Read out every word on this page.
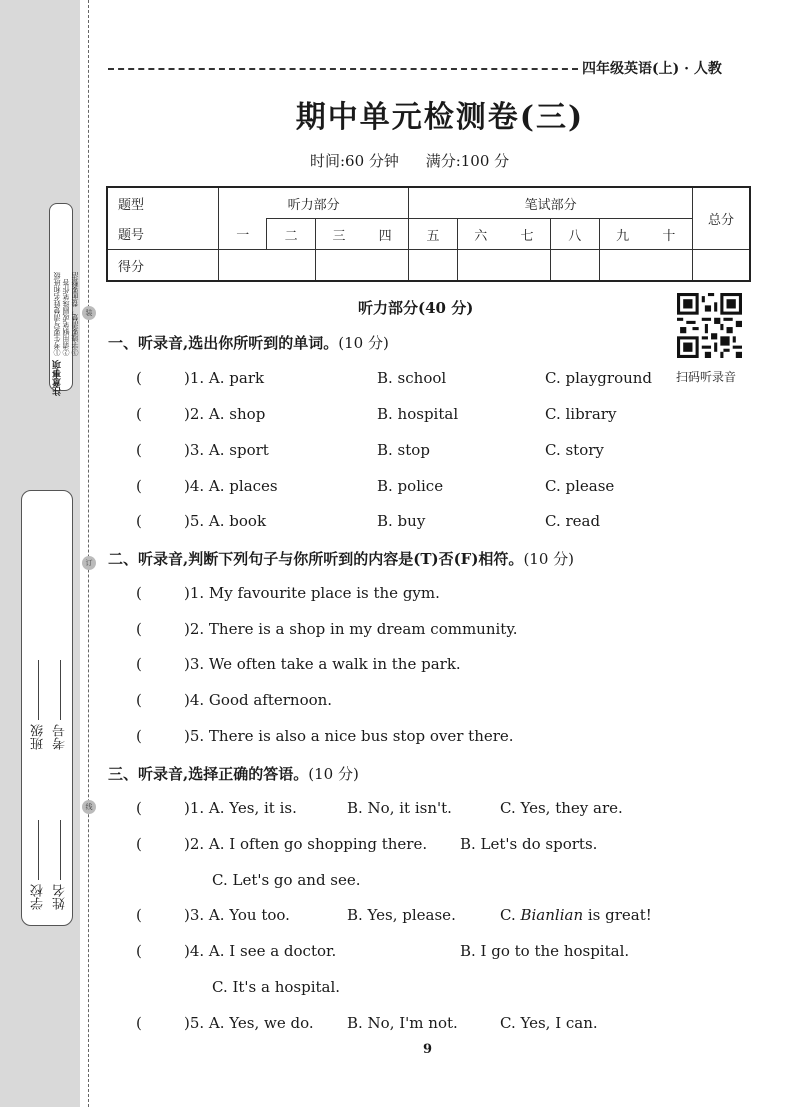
①考生要写清楚姓名和班级
②请用钢笔或圆珠笔作答
③字迹要清楚，卷面要整洁
注意事项
班级 考号
学校 姓名
装
订
线
四年级英语(上) · 人教
期中单元检测卷(三)
时间:60 分钟 满分:100 分
题型	听力部分				笔试部分						总分
题号	一	二	三	四	五	六	七	八	九	十	
得分											
听力部分(40 分)
扫码听录音
一、听录音,选出你所听到的单词。(10 分)
(	)1. A. park	B. school	C. playground
(	)2. A. shop	B. hospital	C. library
(	)3. A. sport	B. stop	C. story
(	)4. A. places	B. police	C. please
(	)5. A. book	B. buy	C. read
二、听录音,判断下列句子与你所听到的内容是(T)否(F)相符。(10 分)
(	)1. My favourite place is the gym.
(	)2. There is a shop in my dream community.
(	)3. We often take a walk in the park.
(	)4. Good afternoon.
(	)5. There is also a nice bus stop over there.
三、听录音,选择正确的答语。(10 分)
(	)1. A. Yes, it is.	B. No, it isn't.	C. Yes, they are.
(	)2. A. I often go shopping there. B. Let's do sports.
C. Let's go and see.
(	)3. A. You too.	B. Yes, please.	C. Bianlian is great!
(	)4. A. I see a doctor.	B. I go to the hospital.
C. It's a hospital.
(	)5. A. Yes, we do. B. No, I'm not.	C. Yes, I can.
9
